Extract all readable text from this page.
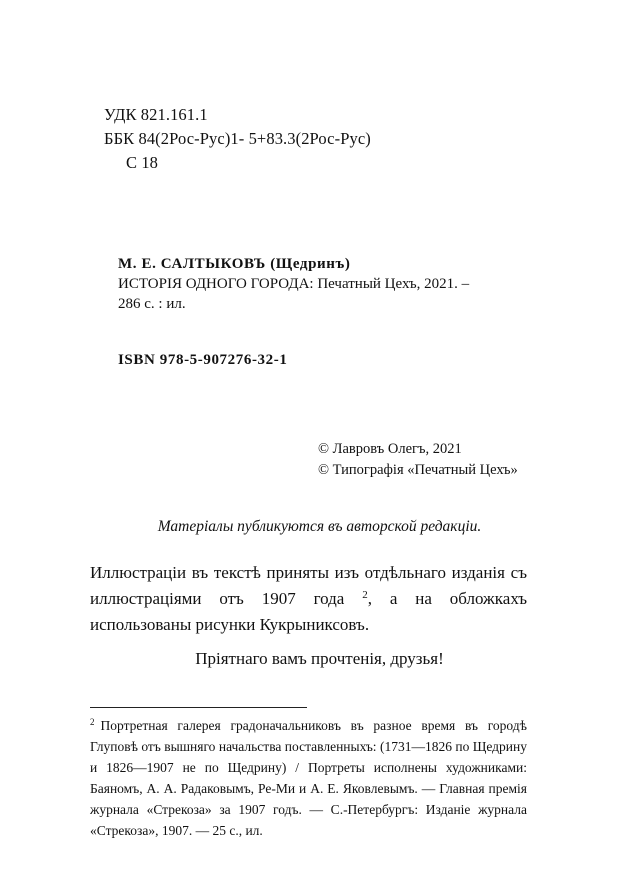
УДК 821.161.1
ББК 84(2Рос-Рус)1- 5+83.3(2Рос-Рус)
С 18
М. Е. САЛТЫКОВЪ (Щедринъ)
ИСТОРІЯ ОДНОГО ГОРОДА: Печатный Цехъ, 2021. –
286 с. : ил.
ISBN 978-5-907276-32-1
© Лавровъ Олегъ, 2021
© Типографія «Печатный Цехъ»
Матеріалы публикуются въ авторской редакціи.
Иллюстраціи въ текстѣ приняты изъ отдѣльнаго изданія съ иллюстраціями отъ 1907 года $^2$, а на обложкахъ использованы рисунки Кукрыниксовъ.
Пріятнаго вамъ прочтенія, друзья!
$^2$ Портретная галерея градоначальниковъ въ разное время въ городѣ Глуповѣ отъ вышняго начальства поставленныхъ: (1731—1826 по Щедрину и 1826—1907 не по Щедрину) / Портреты исполнены художниками: Баяномъ, А. А. Радаковымъ, Ре-Ми и А. Е. Яковлевымъ. — Главная премія журнала «Стрекоза» за 1907 годъ. — С.-Петербургъ: Изданіе журнала «Стрекоза», 1907. — 25 с., ил.
